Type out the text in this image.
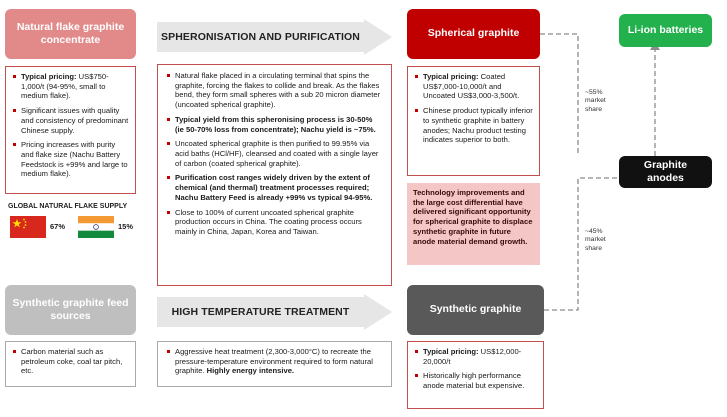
Natural flake graphite concentrate
Typical pricing: US$750-1,000/t (94-95%, small to medium flake).
Significant issues with quality and consistency of predominant Chinese supply.
Pricing increases with purity and flake size (Nachu Battery Feedstock is +99% and large to medium flake).
GLOBAL NATURAL FLAKE SUPPLY
67%	15%
SPHERONISATION AND PURIFICATION
Natural flake placed in a circulating terminal that spins the graphite, forcing the flakes to collide and break. As the flakes bend, they form small spheres with a sub 20 micron diameter (uncoated spherical graphite).
Typical yield from this spheronising process is 30-50% (ie 50-70% loss from concentrate); Nachu yield is ~75%.
Uncoated spherical graphite is then purified to 99.95% via acid baths (HCl/HF), cleansed and coated with a single layer of carbon (coated spherical graphite).
Purification cost ranges widely driven by the extent of chemical (and thermal) treatment processes required; Nachu Battery Feed is already +99% vs typical 94-95%.
Close to 100% of current uncoated spherical graphite production occurs in China. The coating process occurs mainly in China, Japan, Korea and Taiwan.
Spherical graphite
Typical pricing: Coated US$7,000-10,000/t and Uncoated US$3,000-3,500/t.
Chinese product typically inferior to synthetic graphite in battery anodes; Nachu product testing indicates superior to both.
Technology improvements and the large cost differential have delivered significant opportunity for spherical graphite to displace synthetic graphite in future anode material demand growth.
Li-ion batteries
Graphite anodes
~55%
market
share
~45%
market
share
Synthetic graphite feed sources
Carbon material such as petroleum coke, coal tar pitch, etc.
HIGH TEMPERATURE TREATMENT
Aggressive heat treatment (2,300-3,000°C) to recreate the pressure-temperature environment required to form natural graphite. Highly energy intensive.
Synthetic graphite
Typical pricing: US$12,000-20,000/t
Historically high performance anode material but expensive.
